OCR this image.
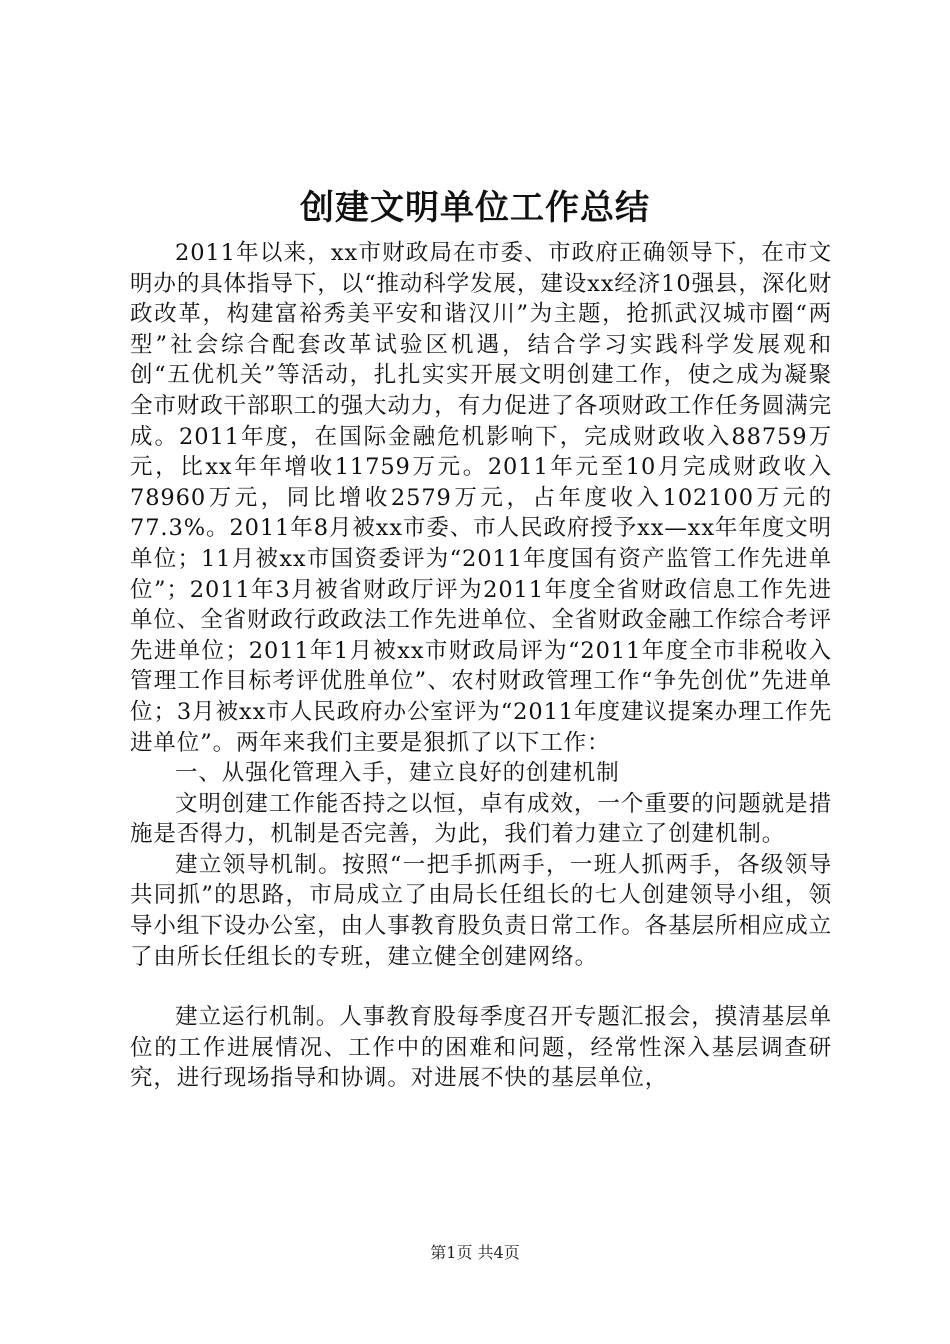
创建文明单位工作总结

2011年以来，xx市财政局在市委、市政府正确领导下，在市文明办的具体指导下，以“推动科学发展，建设xx经济10强县，深化财政改革，构建富裕秀美平安和谐汉川”为主题，抢抓武汉城市圈“两型”社会综合配套改革试验区机遇，结合学习实践科学发展观和创“五优机关”等活动，扎扎实实开展文明创建工作，使之成为凝聚全市财政干部职工的强大动力，有力促进了各项财政工作任务圆满完成。2011年度，在国际金融危机影响下，完成财政收入88759万元，比xx年年增收11759万元。2011年元至10月完成财政收入78960万元，同比增收2579万元，占年度收入102100万元的77.3%。2011年8月被xx市委、市人民政府授予xx—xx年年度文明单位；11月被xx市国资委评为“2011年度国有资产监管工作先进单位”；2011年3月被省财政厅评为2011年度全省财政信息工作先进单位、全省财政行政政法工作先进单位、全省财政金融工作综合考评先进单位；2011年1月被xx市财政局评为“2011年度全市非税收入管理工作目标考评优胜单位”、农村财政管理工作“争先创优”先进单位；3月被xx市人民政府办公室评为“2011年度建议提案办理工作先进单位”。两年来我们主要是狠抓了以下工作：

一、从强化管理入手，建立良好的创建机制

文明创建工作能否持之以恒，卓有成效，一个重要的问题就是措施是否得力，机制是否完善，为此，我们着力建立了创建机制。

建立领导机制。按照“一把手抓两手，一班人抓两手，各级领导共同抓”的思路，市局成立了由局长任组长的七人创建领导小组，领导小组下设办公室，由人事教育股负责日常工作。各基层所相应成立了由所长任组长的专班，建立健全创建网络。

建立运行机制。人事教育股每季度召开专题汇报会，摸清基层单位的工作进展情况、工作中的困难和问题，经常性深入基层调查研究，进行现场指导和协调。对进展不快的基层单位，

第1页 共4页
